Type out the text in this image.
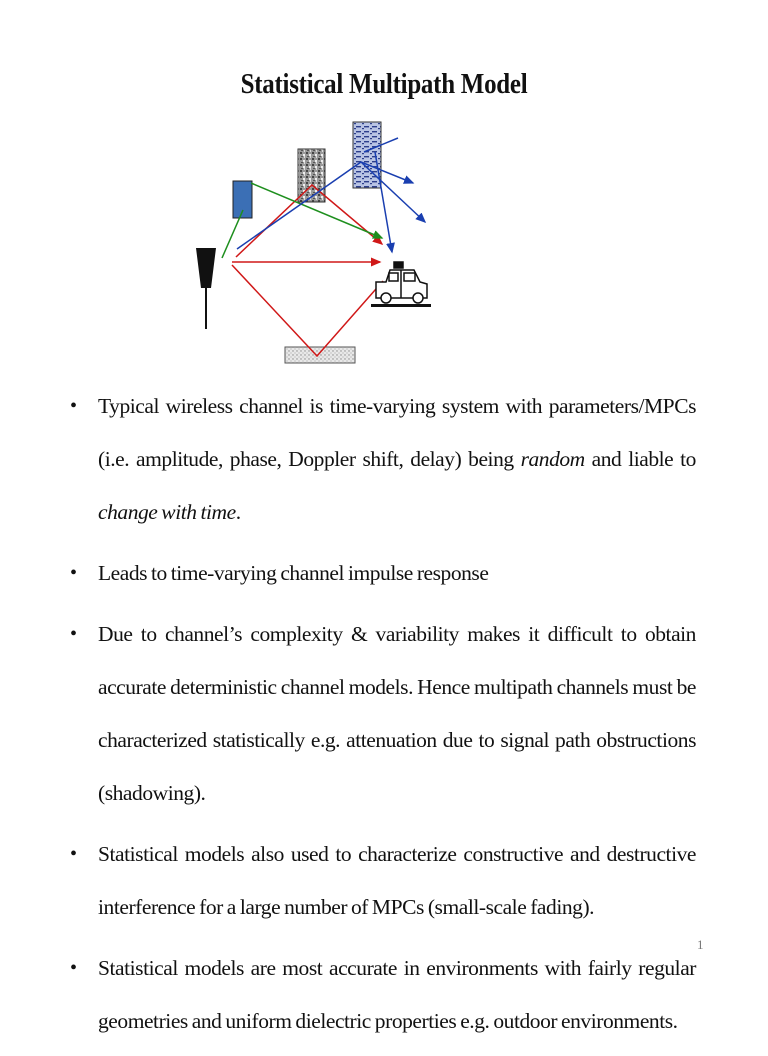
Statistical Multipath Model
• Typical wireless channel is time-varying system with parameters/MPCs (i.e. amplitude, phase, Doppler shift, delay) being random and liable to change with time.
• Leads to time-varying channel impulse response
• Due to channel’s complexity & variability makes it difficult to obtain accurate deterministic channel models. Hence multipath channels must be characterized statistically e.g. attenuation due to signal path obstructions (shadowing).
• Statistical models also used to characterize constructive and destructive interference for a large number of MPCs (small-scale fading).
• Statistical models are most accurate in environments with fairly regular geometries and uniform dielectric properties e.g. outdoor environments.
1
